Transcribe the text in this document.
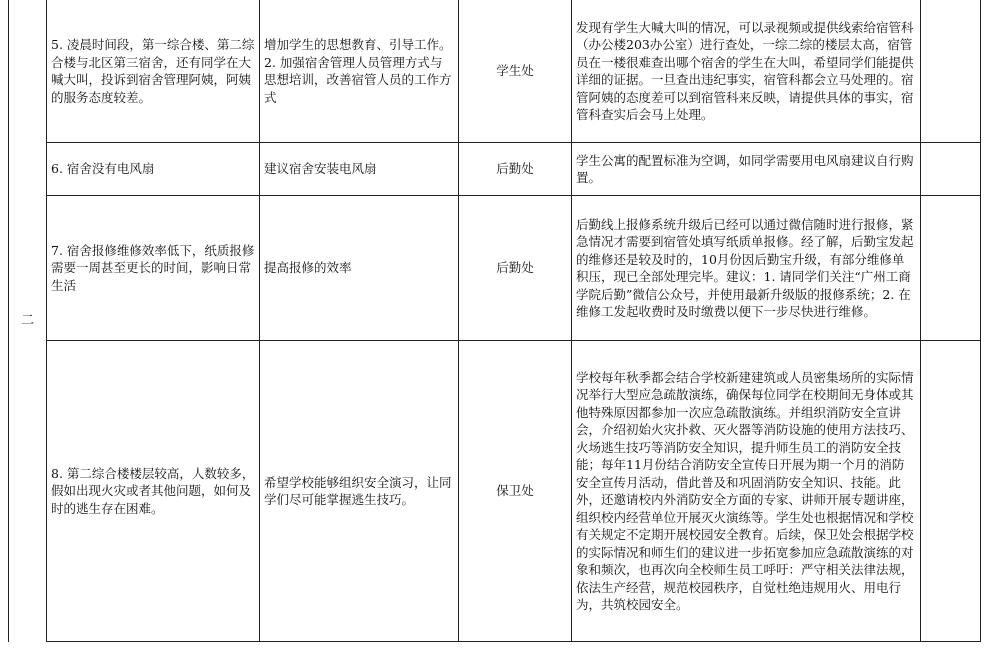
二	5. 凌晨时间段，第一综合楼、第二综合楼与北区第三宿舍，还有同学在大喊大叫，投诉到宿舍管理阿姨，阿姨的服务态度较差。	增加学生的思想教育、引导工作。2. 加强宿舍管理人员管理方式与思想培训，改善宿管人员的工作方式	学生处	发现有学生大喊大叫的情况，可以录视频或提供线索给宿管科（办公楼203办公室）进行查处，一综二综的楼层太高，宿管员在一楼很难查出哪个宿舍的学生在大叫，希望同学们能提供详细的证据。一旦查出违纪事实，宿管科都会立马处理的。宿管阿姨的态度差可以到宿管科来反映，请提供具体的事实，宿管科查实后会马上处理。	
	6. 宿舍没有电风扇	建议宿舍安装电风扇	后勤处	学生公寓的配置标准为空调，如同学需要用电风扇建议自行购置。	
	7. 宿舍报修维修效率低下，纸质报修需要一周甚至更长的时间，影响日常生活	提高报修的效率	后勤处	后勤线上报修系统升级后已经可以通过微信随时进行报修，紧急情况才需要到宿管处填写纸质单报修。经了解，后勤宝发起的维修还是较及时的，10月份因后勤宝升级，有部分维修单积压，现已全部处理完毕。建议：1. 请同学们关注“广州工商学院后勤”微信公众号，并使用最新升级版的报修系统；2. 在维修工发起收费时及时缴费以便下一步尽快进行维修。	
	8. 第二综合楼楼层较高，人数较多，假如出现火灾或者其他问题，如何及时的逃生存在困难。	希望学校能够组织安全演习，让同学们尽可能掌握逃生技巧。	保卫处	学校每年秋季都会结合学校新建建筑或人员密集场所的实际情况举行大型应急疏散演练，确保每位同学在校期间无身体或其他特殊原因都参加一次应急疏散演练。并组织消防安全宣讲会，介绍初始火灾扑救、灭火器等消防设施的使用方法技巧、火场逃生技巧等消防安全知识，提升师生员工的消防安全技能；每年11月份结合消防安全宣传日开展为期一个月的消防安全宣传月活动，借此普及和巩固消防安全知识、技能。此外，还邀请校内外消防安全方面的专家、讲师开展专题讲座，组织校内经营单位开展灭火演练等。学生处也根据情况和学校有关规定不定期开展校园安全教育。后续，保卫处会根据学校的实际情况和师生们的建议进一步拓宽参加应急疏散演练的对象和频次，也再次向全校师生员工呼吁：严守相关法律法规，依法生产经营，规范校园秩序，自觉杜绝违规用火、用电行为，共筑校园安全。	
